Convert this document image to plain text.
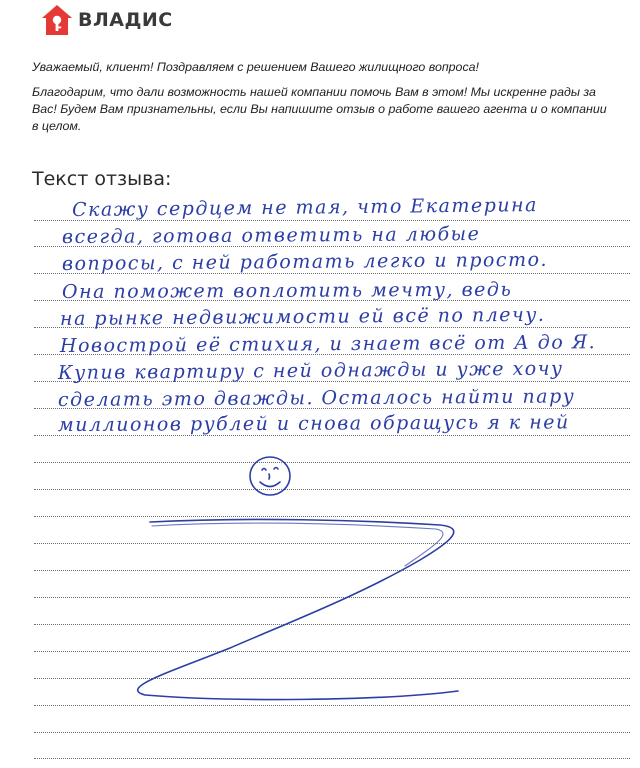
ВЛАДИС

Уважаемый, клиент! Поздравляем с решением Вашего жилищного вопроса!

Благодарим, что дали возможность нашей компании помочь Вам в этом! Мы искренне рады за Вас! Будем Вам признательны, если Вы напишите отзыв о работе вашего агента и о компании в целом.

Текст отзыва:
Скажу сердцем не тая, что Екатерина
всегда, готова ответить на любые
вопросы, с ней работать легко и просто.
Она поможет воплотить мечту, ведь
на рынке недвижимости ей всё по плечу.
Новострой её стихия, и знает всё от А до Я.
Купив квартиру с ней однажды и уже хочу
сделать это дважды. Осталось найти пару
миллионов рублей и снова обращусь я к ней
